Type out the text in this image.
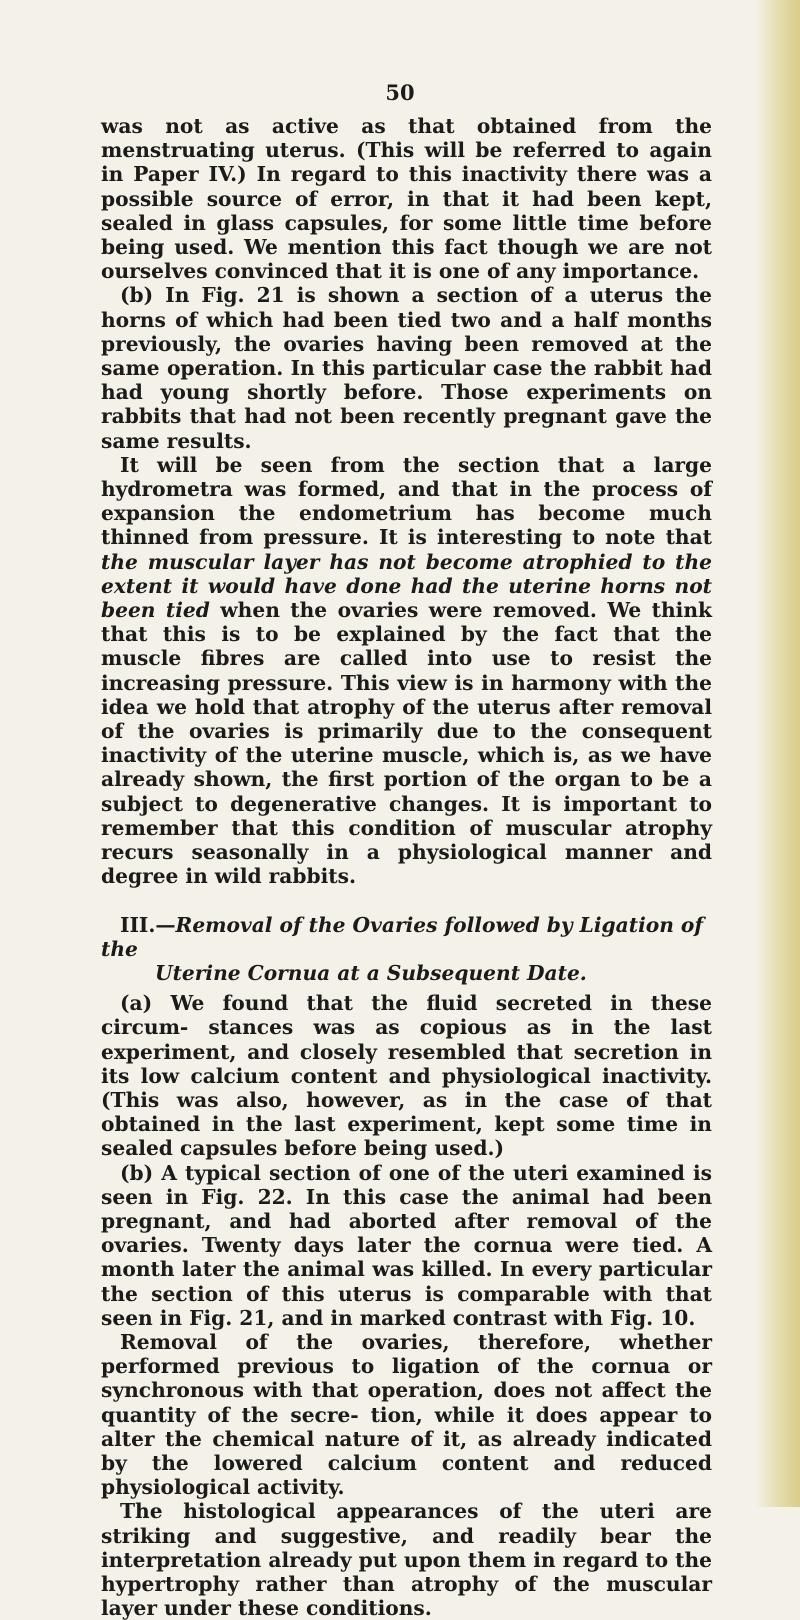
50

was not as active as that obtained from the menstruating uterus. (This will be referred to again in Paper IV.) In regard to this inactivity there was a possible source of error, in that it had been kept, sealed in glass capsules, for some little time before being used. We mention this fact though we are not ourselves convinced that it is one of any importance.

(b) In Fig. 21 is shown a section of a uterus the horns of which had been tied two and a half months previously, the ovaries having been removed at the same operation. In this particular case the rabbit had had young shortly before. Those experiments on rabbits that had not been recently pregnant gave the same results.

It will be seen from the section that a large hydrometra was formed, and that in the process of expansion the endometrium has become much thinned from pressure. It is interesting to note that the muscular layer has not become atrophied to the extent it would have done had the uterine horns not been tied when the ovaries were removed. We think that this is to be explained by the fact that the muscle fibres are called into use to resist the increasing pressure. This view is in harmony with the idea we hold that atrophy of the uterus after removal of the ovaries is primarily due to the consequent inactivity of the uterine muscle, which is, as we have already shown, the first portion of the organ to be a subject to degenerative changes. It is important to remember that this condition of muscular atrophy recurs seasonally in a physiological manner and degree in wild rabbits.

III.—Removal of the Ovaries followed by Ligation of the
Uterine Cornua at a Subsequent Date.

(a) We found that the fluid secreted in these circum- stances was as copious as in the last experiment, and closely resembled that secretion in its low calcium content and physiological inactivity. (This was also, however, as in the case of that obtained in the last experiment, kept some time in sealed capsules before being used.)

(b) A typical section of one of the uteri examined is seen in Fig. 22. In this case the animal had been pregnant, and had aborted after removal of the ovaries. Twenty days later the cornua were tied. A month later the animal was killed. In every particular the section of this uterus is comparable with that seen in Fig. 21, and in marked contrast with Fig. 10.

Removal of the ovaries, therefore, whether performed previous to ligation of the cornua or synchronous with that operation, does not affect the quantity of the secre- tion, while it does appear to alter the chemical nature of it, as already indicated by the lowered calcium content and reduced physiological activity.

The histological appearances of the uteri are striking and suggestive, and readily bear the interpretation already put upon them in regard to the hypertrophy rather than atrophy of the muscular layer under these conditions.
